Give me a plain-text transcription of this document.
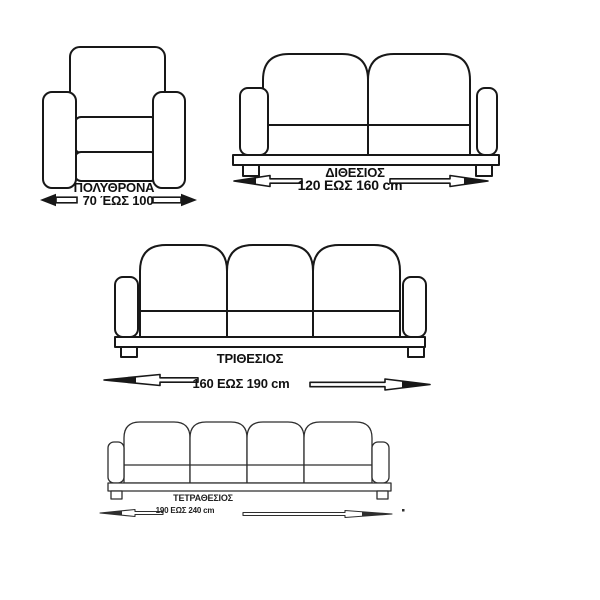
ΠΟΛΥΘΡΟΝΑ
70 ΈΩΣ 100
ΔΙΘΕΣΙΟΣ
120 ΕΩΣ 160 cm
ΤΡΙΘΕΣΙΟΣ
160 ΕΩΣ 190 cm
ΤΕΤΡΑΘΕΣΙΟΣ
190 ΕΩΣ 240 cm
